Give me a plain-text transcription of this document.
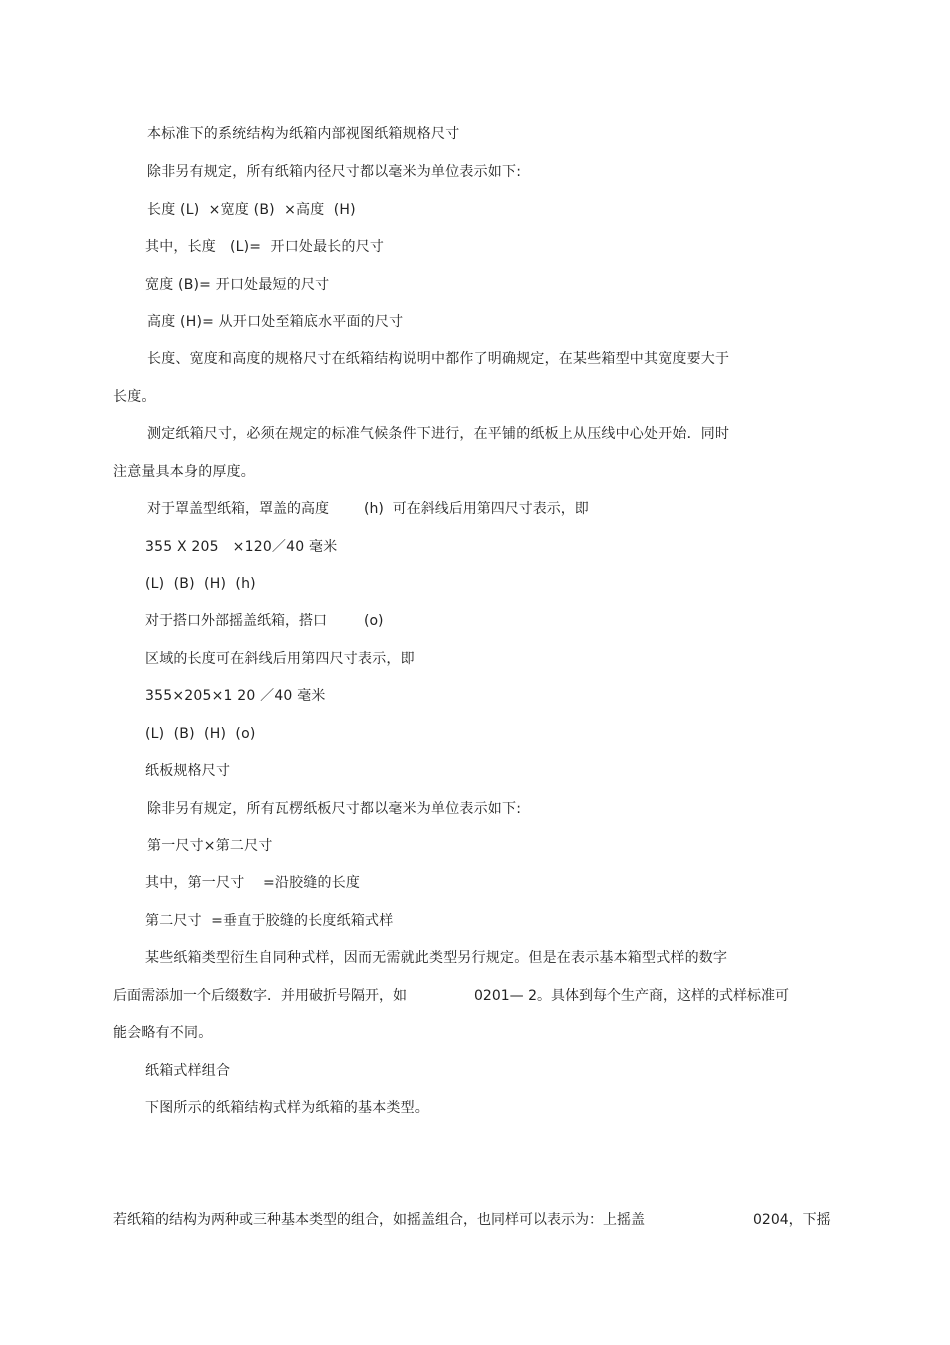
本标准下的系统结构为纸箱内部视图纸箱规格尺寸
除非另有规定，所有纸箱内径尺寸都以毫米为单位表示如下:
长度 (L)  ×宽度 (B)  ×高度  (H)
其中，长度   (L)=  开口处最长的尺寸
宽度 (B)= 开口处最短的尺寸
高度 (H)= 从开口处至箱底水平面的尺寸
长度、宽度和高度的规格尺寸在纸箱结构说明中都作了明确规定，在某些箱型中其宽度要大于
长度。
测定纸箱尺寸，必须在规定的标准气候条件下进行，在平铺的纸板上从压线中心处开始．同时
注意量具本身的厚度。
对于罩盖型纸箱，罩盖的高度	(h)  可在斜线后用第四尺寸表示，即
355 X 205   ×120／40 毫米
(L)  (B)  (H)  (h)
对于搭口外部摇盖纸箱，搭口	(o)
区域的长度可在斜线后用第四尺寸表示，即
355×205×1 20 ／40 毫米
(L)  (B)  (H)  (o)
纸板规格尺寸
除非另有规定，所有瓦楞纸板尺寸都以毫米为单位表示如下:
第一尺寸×第二尺寸
其中，第一尺寸    =沿胶缝的长度
第二尺寸  =垂直于胶缝的长度纸箱式样
某些纸箱类型衍生自同种式样，因而无需就此类型另行规定。但是在表示基本箱型式样的数字
后面需添加一个后缀数字．并用破折号隔开，如	0201— 2。具体到每个生产商，这样的式样标准可
能会略有不同。
纸箱式样组合
下图所示的纸箱结构式样为纸箱的基本类型。
若纸箱的结构为两种或三种基本类型的组合，如摇盖组合，也同样可以表示为：上摇盖	0204，下摇
